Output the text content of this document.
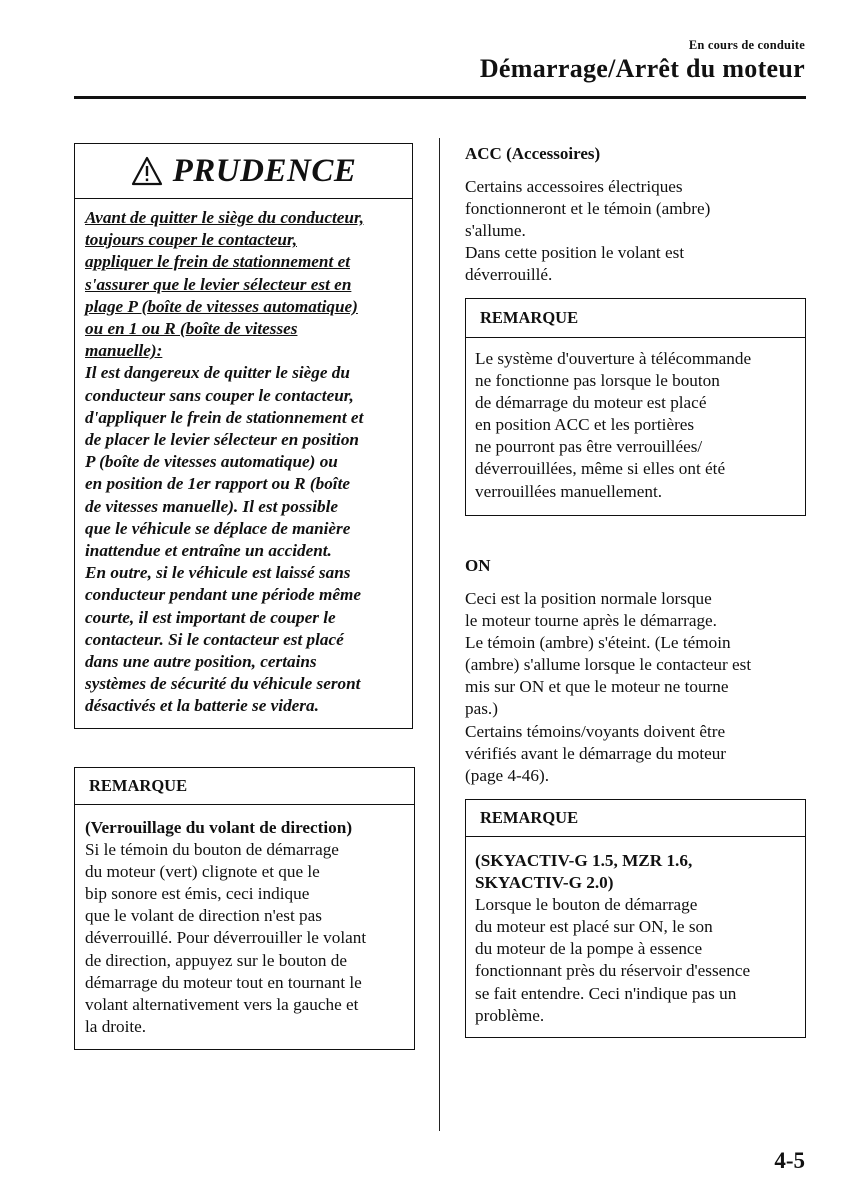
En cours de conduite
Démarrage/Arrêt du moteur
PRUDENCE
Avant de quitter le siège du conducteur,
toujours couper le contacteur,
appliquer le frein de stationnement et
s'assurer que le levier sélecteur est en
plage P (boîte de vitesses automatique)
ou en 1 ou R (boîte de vitesses
manuelle):
Il est dangereux de quitter le siège du
conducteur sans couper le contacteur,
d'appliquer le frein de stationnement et
de placer le levier sélecteur en position
P (boîte de vitesses automatique) ou
en position de 1er rapport ou R (boîte
de vitesses manuelle). Il est possible
que le véhicule se déplace de manière
inattendue et entraîne un accident.
En outre, si le véhicule est laissé sans
conducteur pendant une période même
courte, il est important de couper le
contacteur. Si le contacteur est placé
dans une autre position, certains
systèmes de sécurité du véhicule seront
désactivés et la batterie se videra.
REMARQUE
(Verrouillage du volant de direction)
Si le témoin du bouton de démarrage
du moteur (vert) clignote et que le
bip sonore est émis, ceci indique
que le volant de direction n'est pas
déverrouillé. Pour déverrouiller le volant
de direction, appuyez sur le bouton de
démarrage du moteur tout en tournant le
volant alternativement vers la gauche et
la droite.
ACC (Accessoires)
Certains accessoires électriques
fonctionneront et le témoin (ambre)
s'allume.
Dans cette position le volant est
déverrouillé.
REMARQUE
Le système d'ouverture à télécommande
ne fonctionne pas lorsque le bouton
de démarrage du moteur est placé
en position ACC et les portières
ne pourront pas être verrouillées/
déverrouillées, même si elles ont été
verrouillées manuellement.
ON
Ceci est la position normale lorsque
le moteur tourne après le démarrage.
Le témoin (ambre) s'éteint. (Le témoin
(ambre) s'allume lorsque le contacteur est
mis sur ON et que le moteur ne tourne
pas.)
Certains témoins/voyants doivent être
vérifiés avant le démarrage du moteur
(page 4-46).
REMARQUE
(SKYACTIV-G 1.5, MZR 1.6,
SKYACTIV-G 2.0)
Lorsque le bouton de démarrage
du moteur est placé sur ON, le son
du moteur de la pompe à essence
fonctionnant près du réservoir d'essence
se fait entendre. Ceci n'indique pas un
problème.
4-5
